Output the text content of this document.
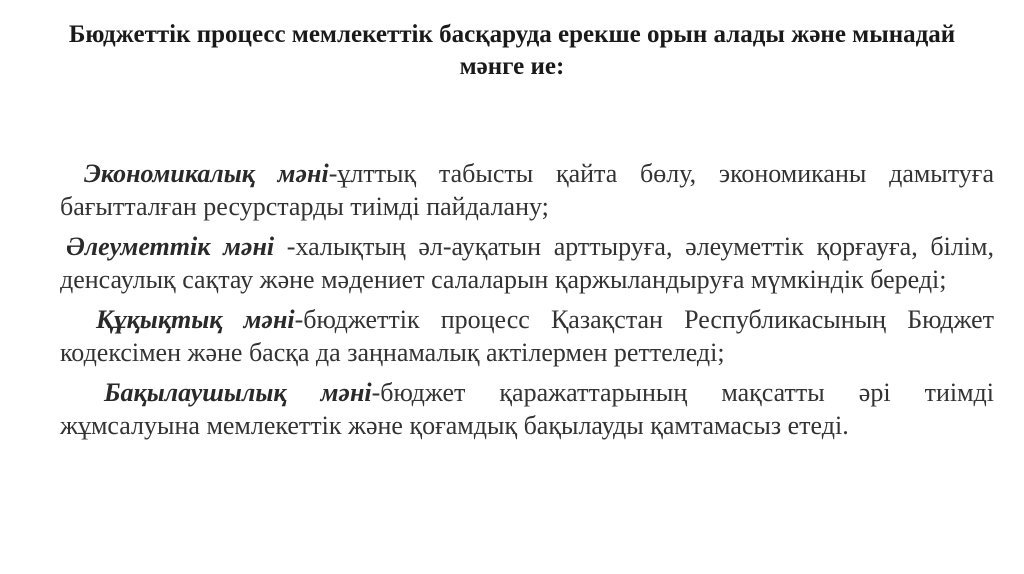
Бюджеттік процесс мемлекеттік басқаруда ерекше орын алады және мынадай мәнге ие:

Экономикалық мәні-ұлттық табысты қайта бөлу, экономиканы дамытуға бағытталған ресурстарды тиімді пайдалану;

Әлеуметтік мәні -халықтың әл-ауқатын арттыруға, әлеуметтік қорғауға, білім, денсаулық сақтау және мәдениет салаларын қаржыландыруға мүмкіндік береді;

Құқықтық мәні-бюджеттік процесс Қазақстан Республикасының Бюджет кодексімен және басқа да заңнамалық актілермен реттеледі;

Бақылаушылық мәні-бюджет қаражаттарының мақсатты әрі тиімді жұмсалуына мемлекеттік және қоғамдық бақылауды қамтамасыз етеді.
